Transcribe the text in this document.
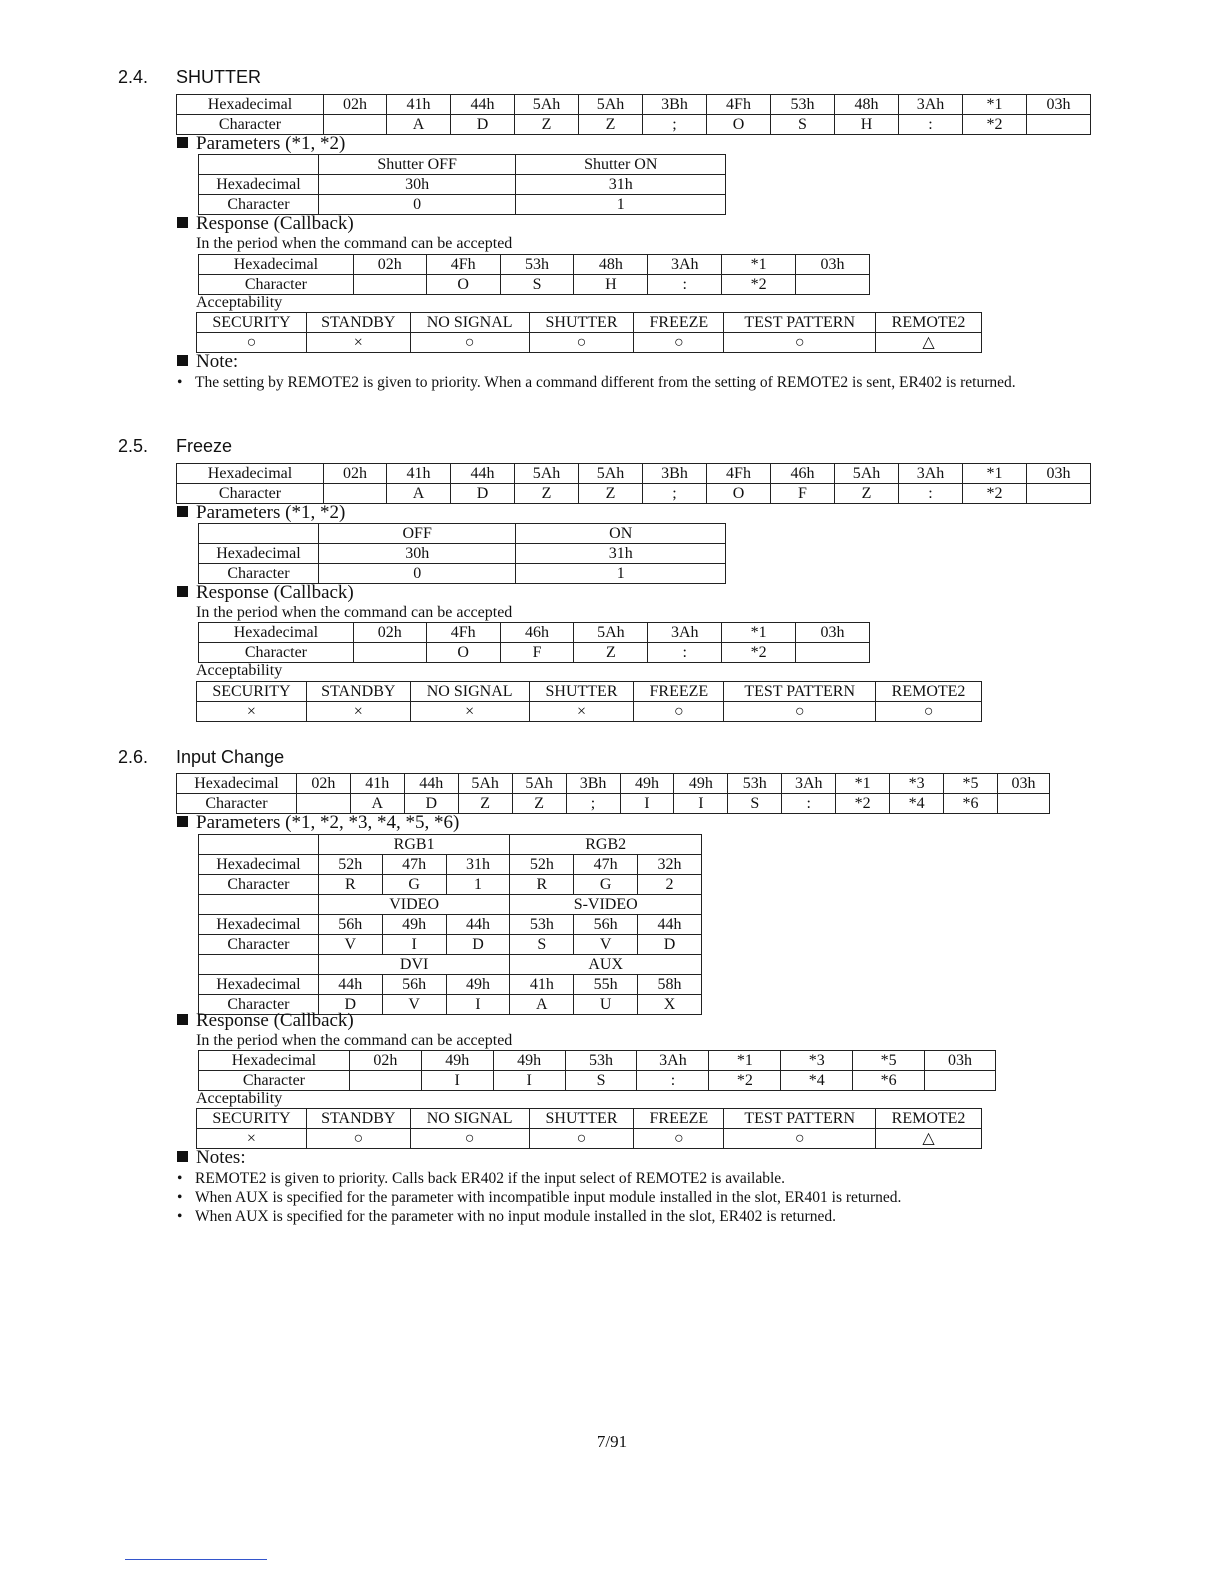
2.4. SHUTTER
Hexadecimal	02h	41h	44h	5Ah	5Ah	3Bh	4Fh	53h	48h	3Ah	*1	03h
Character		A	D	Z	Z	;	O	S	H	:	*2	
Parameters (*1, *2)
	Shutter OFF	Shutter ON
Hexadecimal	30h	31h
Character	0	1
Response (Callback)
In the period when the command can be accepted
Hexadecimal	02h	4Fh	53h	48h	3Ah	*1	03h
Character		O	S	H	:	*2	
Acceptability
SECURITY	STANDBY	NO SIGNAL	SHUTTER	FREEZE	TEST PATTERN	REMOTE2
○	×	○	○	○	○	△
Note:
• The setting by REMOTE2 is given to priority. When a command different from the setting of REMOTE2 is sent, ER402 is returned.
2.5. Freeze
Hexadecimal	02h	41h	44h	5Ah	5Ah	3Bh	4Fh	46h	5Ah	3Ah	*1	03h
Character		A	D	Z	Z	;	O	F	Z	:	*2	
Parameters (*1, *2)
	OFF	ON
Hexadecimal	30h	31h
Character	0	1
Response (Callback)
In the period when the command can be accepted
Hexadecimal	02h	4Fh	46h	5Ah	3Ah	*1	03h
Character		O	F	Z	:	*2	
Acceptability
SECURITY	STANDBY	NO SIGNAL	SHUTTER	FREEZE	TEST PATTERN	REMOTE2
×	×	×	×	○	○	○
2.6. Input Change
Hexadecimal	02h	41h	44h	5Ah	5Ah	3Bh	49h	49h	53h	3Ah	*1	*3	*5	03h
Character		A	D	Z	Z	;	I	I	S	:	*2	*4	*6	
Parameters (*1, *2, *3, *4, *5, *6)
	RGB1			RGB2		
Hexadecimal	52h	47h	31h	52h	47h	32h
Character	R	G	1	R	G	2
	VIDEO			S-VIDEO		
Hexadecimal	56h	49h	44h	53h	56h	44h
Character	V	I	D	S	V	D
	DVI			AUX		
Hexadecimal	44h	56h	49h	41h	55h	58h
Character	D	V	I	A	U	X
Response (Callback)
In the period when the command can be accepted
Hexadecimal	02h	49h	49h	53h	3Ah	*1	*3	*5	03h
Character		I	I	S	:	*2	*4	*6	
Acceptability
SECURITY	STANDBY	NO SIGNAL	SHUTTER	FREEZE	TEST PATTERN	REMOTE2
×	○	○	○	○	○	△
Notes:
• REMOTE2 is given to priority. Calls back ER402 if the input select of REMOTE2 is available.
• When AUX is specified for the parameter with incompatible input module installed in the slot, ER401 is returned.
• When AUX is specified for the parameter with no input module installed in the slot, ER402 is returned.
7/91
